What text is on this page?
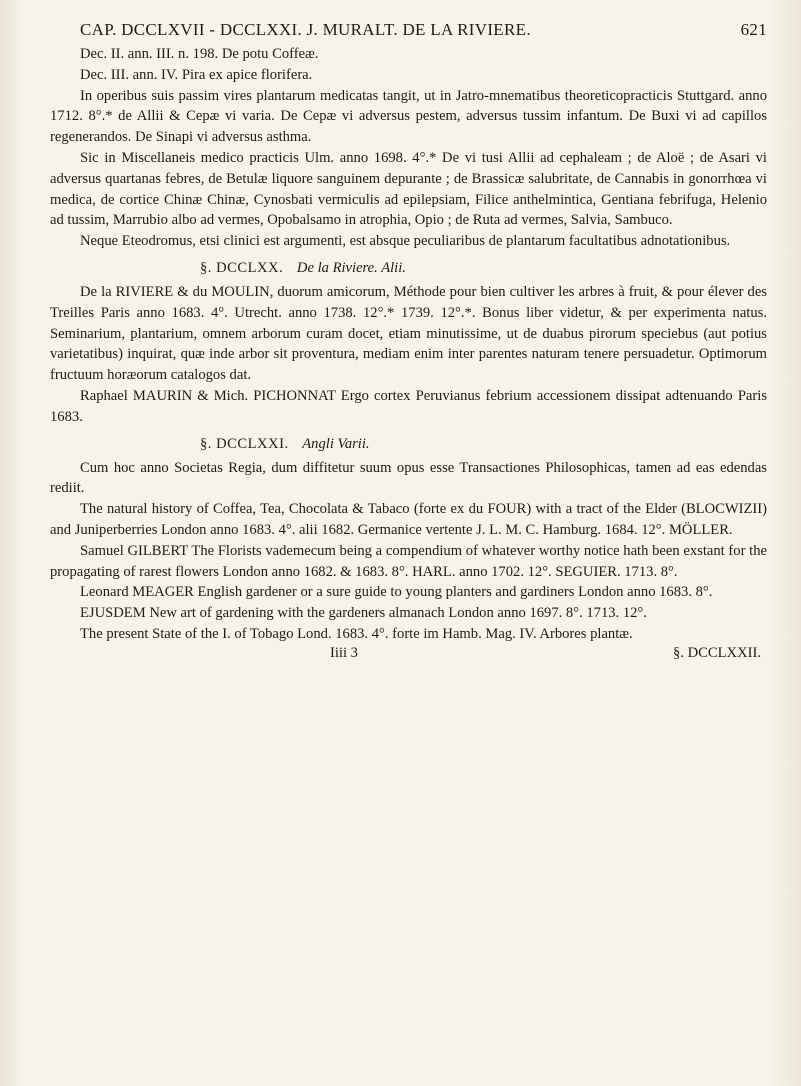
CAP. DCCLXVII - DCCLXXI. J. MURALT. DE LA RIVIERE.	621

Dec. II. ann. III. n. 198. De potu Coffeæ.

Dec. III. ann. IV. Pira ex apice florifera.

In operibus suis passim vires plantarum medicatas tangit, ut in Jatro-mnematibus theoreticopracticis Stuttgard. anno 1712. 8°.* de Allii & Cepæ vi varia. De Cepæ vi adversus pestem, adversus tussim infantum. De Buxi vi ad capillos regenerandos. De Sinapi vi adversus asthma.

Sic in Miscellaneis medico practicis Ulm. anno 1698. 4°.* De vi tusi Allii ad cephaleam ; de Aloë ; de Asari vi adversus quartanas febres, de Betulæ liquore sanguinem depurante ; de Brassicæ salubritate, de Cannabis in gonorrhœa vi medica, de cortice Chinæ Chinæ, Cynosbati vermiculis ad epilepsiam, Filice anthelmintica, Gentiana febrifuga, Helenio ad tussim, Marrubio albo ad vermes, Opobalsamo in atrophia, Opio ; de Ruta ad vermes, Salvia, Sambuco.

Neque Eteodromus, etsi clinici est argumenti, est absque peculiaribus de plantarum facultatibus adnotationibus.

§. DCCLXX. De la Riviere. Alii.

De la RIVIERE & du MOULIN, duorum amicorum, Méthode pour bien cultiver les arbres à fruit, & pour élever des Treilles Paris anno 1683. 4°. Utrecht. anno 1738. 12°.* 1739. 12°.*. Bonus liber videtur, & per experimenta natus. Seminarium, plantarium, omnem arborum curam docet, etiam minutissime, ut de duabus pirorum speciebus (aut potius varietatibus) inquirat, quæ inde arbor sit proventura, mediam enim inter parentes naturam tenere persuadetur. Optimorum fructuum horæorum catalogos dat.

Raphael MAURIN & Mich. PICHONNAT Ergo cortex Peruvianus febrium accessionem dissipat adtenuando Paris 1683.

§. DCCLXXI. Angli Varii.

Cum hoc anno Societas Regia, dum diffitetur suum opus esse Transactiones Philosophicas, tamen ad eas edendas rediit.

The natural history of Coffea, Tea, Chocolata & Tabaco (forte ex du FOUR) with a tract of the Elder (BLOCWIZII) and Juniperberries London anno 1683. 4°. alii 1682. Germanice vertente J. L. M. C. Hamburg. 1684. 12°. MÖLLER.

Samuel GILBERT The Florists vademecum being a compendium of whatever worthy notice hath been exstant for the propagating of rarest flowers London anno 1682. & 1683. 8°. HARL. anno 1702. 12°. SEGUIER. 1713. 8°.

Leonard MEAGER English gardener or a sure guide to young planters and gardiners London anno 1683. 8°.

EJUSDEM New art of gardening with the gardeners almanach London anno 1697. 8°. 1713. 12°.

The present State of the I. of Tobago Lond. 1683. 4°. forte im Hamb. Mag. IV. Arbores plantæ.

Iiii 3	§. DCCLXXII.
